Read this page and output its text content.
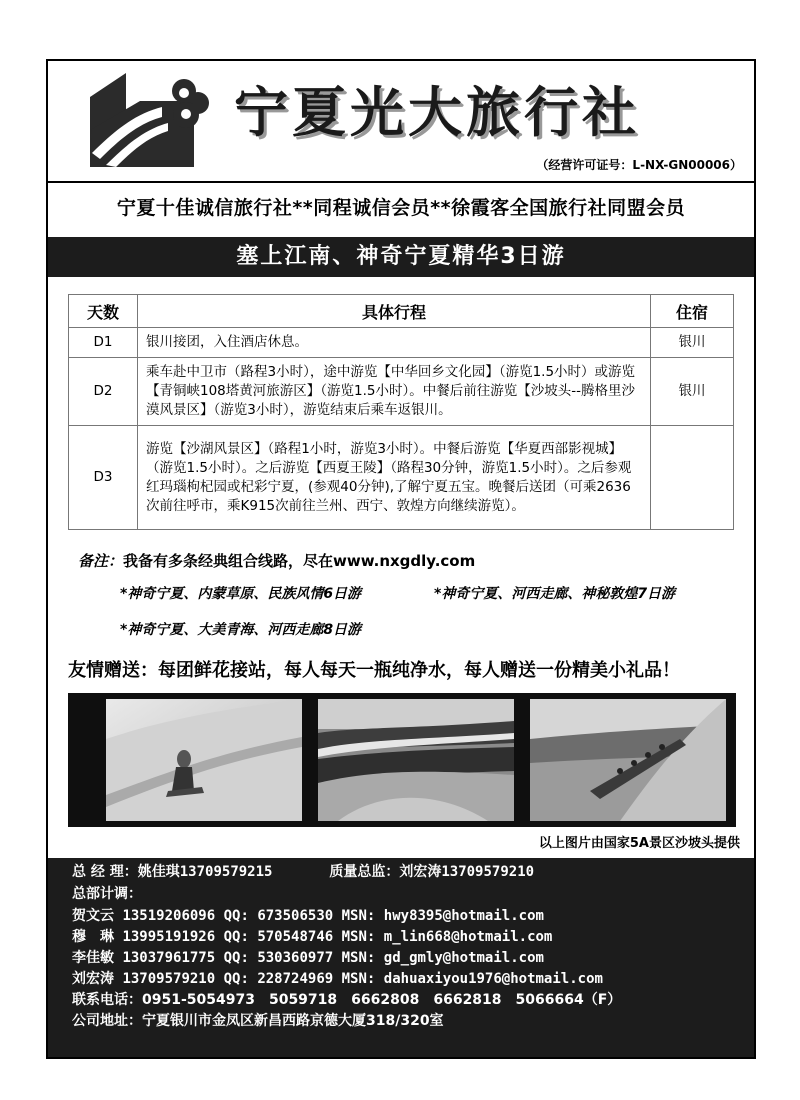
宁夏光大旅行社
（经营许可证号：L-NX-GN00006）
宁夏十佳诚信旅行社**同程诚信会员**徐霞客全国旅行社同盟会员
塞上江南、神奇宁夏精华3日游
天数	具体行程	住宿
D1	银川接团，入住酒店休息。	银川
D2	乘车赴中卫市（路程3小时），途中游览【中华回乡文化园】（游览1.5小时）或游览【青铜峡108塔黄河旅游区】（游览1.5小时）。中餐后前往游览【沙坡头--腾格里沙漠风景区】（游览3小时），游览结束后乘车返银川。	银川
D3	游览【沙湖风景区】（路程1小时，游览3小时）。中餐后游览【华夏西部影视城】（游览1.5小时）。之后游览【西夏王陵】（路程30分钟，游览1.5小时）。之后参观红玛瑙枸杞园或杞彩宁夏，(参观40分钟),了解宁夏五宝。晚餐后送团（可乘2636次前往呼市，乘K915次前往兰州、西宁、敦煌方向继续游览）。	
备注：我备有多条经典组合线路，尽在www.nxgdly.com
*神奇宁夏、内蒙草原、民族风情6日游	*神奇宁夏、河西走廊、神秘敦煌7日游
*神奇宁夏、大美青海、河西走廊8日游
友情赠送：每团鲜花接站，每人每天一瓶纯净水，每人赠送一份精美小礼品！
以上图片由国家5A景区沙坡头提供
总 经 理：姚佳琪13709579215	质量总监：刘宏涛13709579210
总部计调：
贺文云 13519206096 QQ: 673506530 MSN: hwy8395@hotmail.com
穆　琳 13995191926 QQ: 570548746 MSN: m_lin668@hotmail.com
李佳敏 13037961775 QQ: 530360977 MSN: gd_gmly@hotmail.com
刘宏涛 13709579210 QQ: 228724969 MSN: dahuaxiyou1976@hotmail.com
联系电话：0951-5054973　5059718　6662808　6662818　5066664（F）
公司地址：宁夏银川市金凤区新昌西路京德大厦318/320室
